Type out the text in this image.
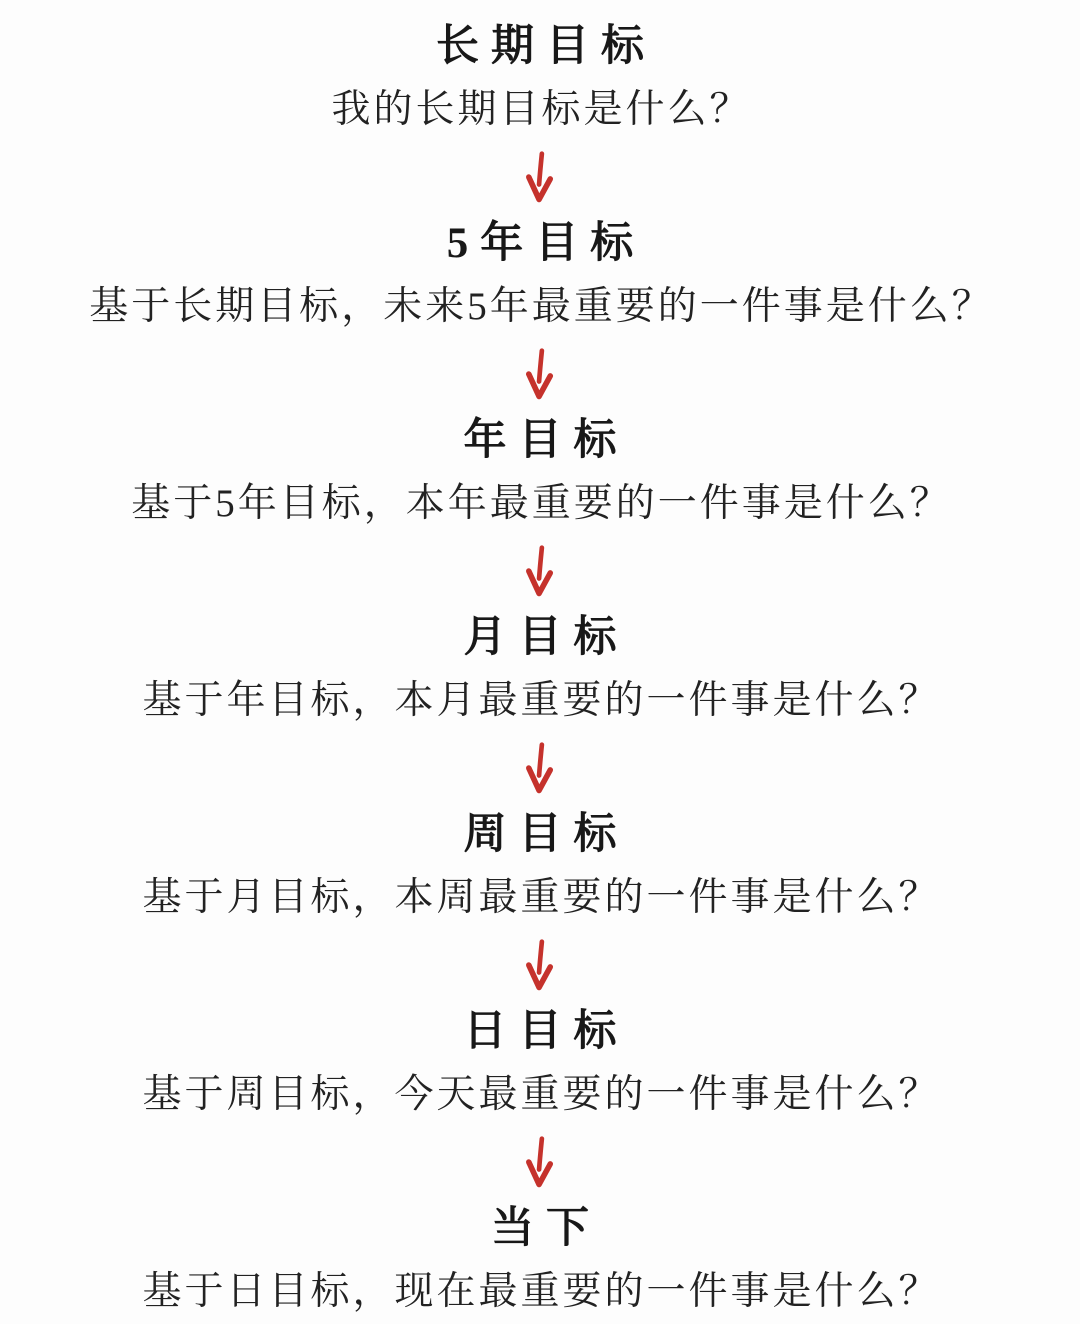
长期目标

我的长期目标是什么？

5年目标

基于长期目标，未来5年最重要的一件事是什么？

年目标

基于5年目标，本年最重要的一件事是什么？

月目标

基于年目标，本月最重要的一件事是什么？

周目标

基于月目标，本周最重要的一件事是什么？

日目标

基于周目标，今天最重要的一件事是什么？

当下

基于日目标，现在最重要的一件事是什么？
